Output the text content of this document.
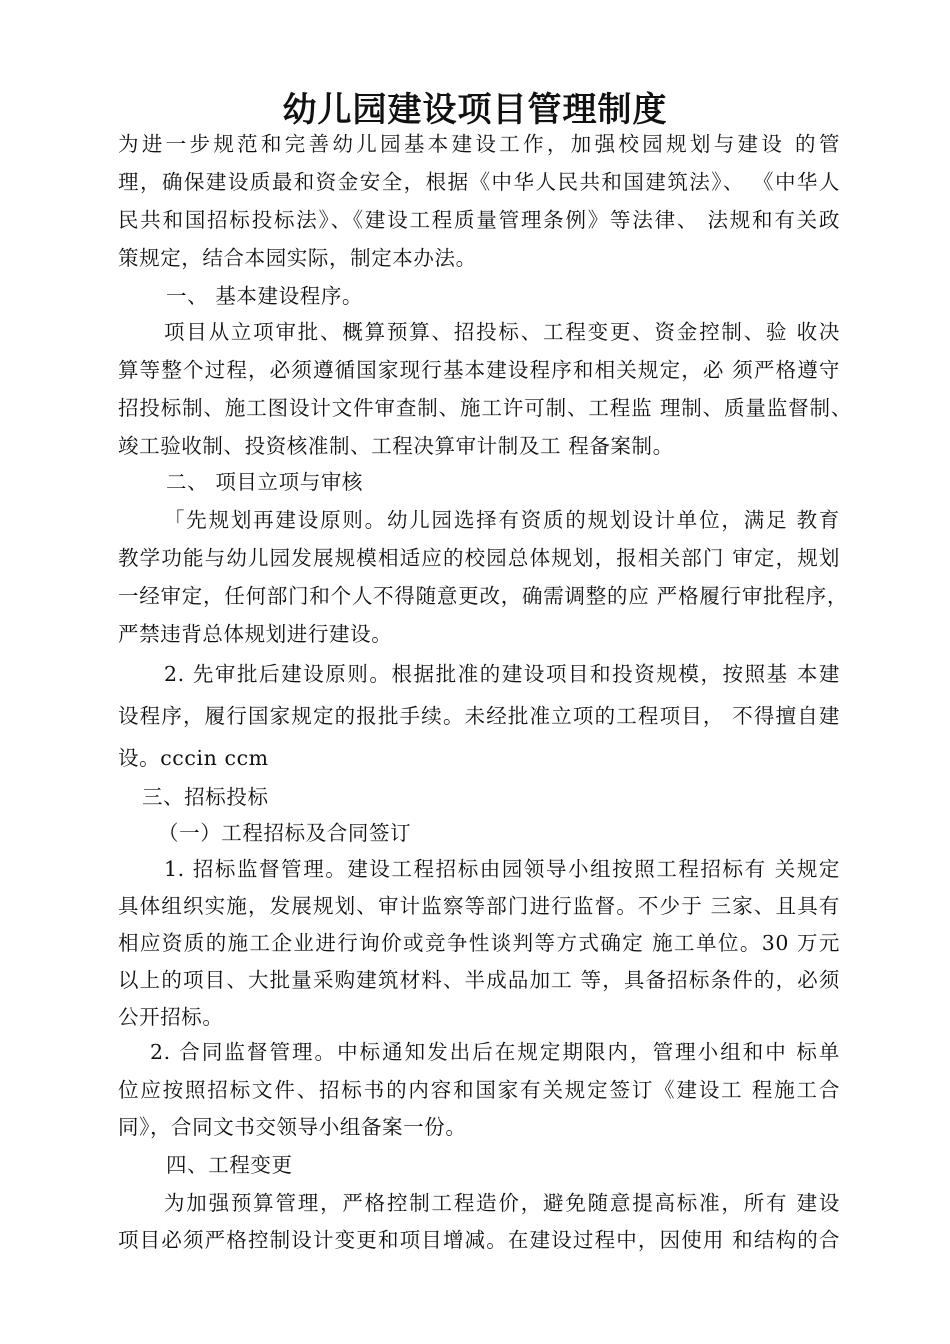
幼儿园建设项目管理制度
为进一步规范和完善幼儿园基本建设工作，加强校园规划与建设 的管
理，确保建设质最和资金安全，根据《中华人民共和国建筑法》、 《中华人
民共和国招标投标法》、《建设工程质量管理条例》等法律、 法规和有关政
策规定，结合本园实际，制定本办法。
一、 基本建设程序。
项目从立项审批、概算预算、招投标、工程变更、资金控制、验 收决
算等整个过程，必须遵循国家现行基本建设程序和相关规定，必 须严格遵守
招投标制、施工图设计文件审查制、施工许可制、工程监 理制、质量监督制、
竣工验收制、投资核准制、工程决算审计制及工 程备案制。
二、 项目立项与审核
「先规划再建设原则。幼儿园选择有资质的规划设计单位，满足 教育
教学功能与幼儿园发展规模相适应的校园总体规划，报相关部门 审定，规划
一经审定，任何部门和个人不得随意更改，确需调整的应 严格履行审批程序，
严禁违背总体规划进行建设。
2. 先审批后建设原则。根据批准的建设项目和投资规模，按照基 本建
设程序，履行国家规定的报批手续。未经批准立项的工程项目， 不得擅自建
设。cccin ccm
三、招标投标
（一）工程招标及合同签订
1. 招标监督管理。建设工程招标由园领导小组按照工程招标有 关规定
具体组织实施，发展规划、审计监察等部门进行监督。不少于 三家、且具有
相应资质的施工企业进行询价或竞争性谈判等方式确定 施工单位。30 万元
以上的项目、大批量采购建筑材料、半成品加工 等，具备招标条件的，必须
公开招标。
2. 合同监督管理。中标通知发出后在规定期限内，管理小组和中 标单
位应按照招标文件、招标书的内容和国家有关规定签订《建设工 程施工合
同》，合同文书交领导小组备案一份。
四、工程变更
为加强预算管理，严格控制工程造价，避免随意提高标准，所有 建设
项目必须严格控制设计变更和项目增减。在建设过程中，因使用 和结构的合
